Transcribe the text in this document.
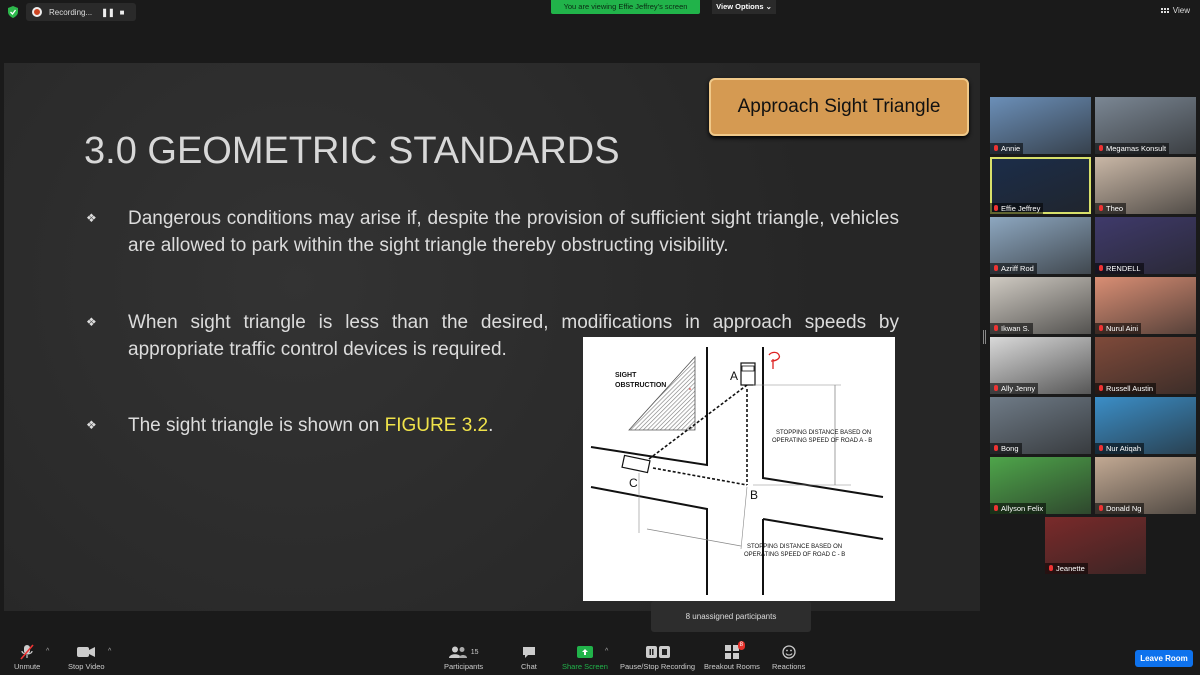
Recording...	❚❚ ■
You are viewing Effie Jeffrey's screen	View Options ⌄	View
Approach Sight Triangle
3.0 GEOMETRIC STANDARDS
❖ Dangerous conditions may arise if, despite the provision of sufficient sight triangle, vehicles are allowed to park within the sight triangle thereby obstructing visibility.
❖ When sight triangle is less than the desired, modifications in approach speeds by appropriate traffic control devices is required.
❖ The sight triangle is shown on FIGURE 3.2.
SIGHT
OBSTRUCTION
A
B
C
STOPPING DISTANCE BASED ON
OPERATING SPEED OF ROAD A - B
STOPPING DISTANCE BASED ON
OPERATING SPEED OF ROAD C - B
Annie	Megamas Konsult
Effie Jeffrey	Theo
Azriff Rod	RENDELL
Ikwan S.	Nurul Aini
Ally Jenny	Russell Austin
Bong	Nur Atiqah
Allyson Felix	Donald Ng
Jeanette
8 unassigned participants
Unmute
^
Stop Video
^	15
Participants	Chat	Share Screen
^
Pause/Stop Recording
8
Breakout Rooms Reactions
Leave Room
